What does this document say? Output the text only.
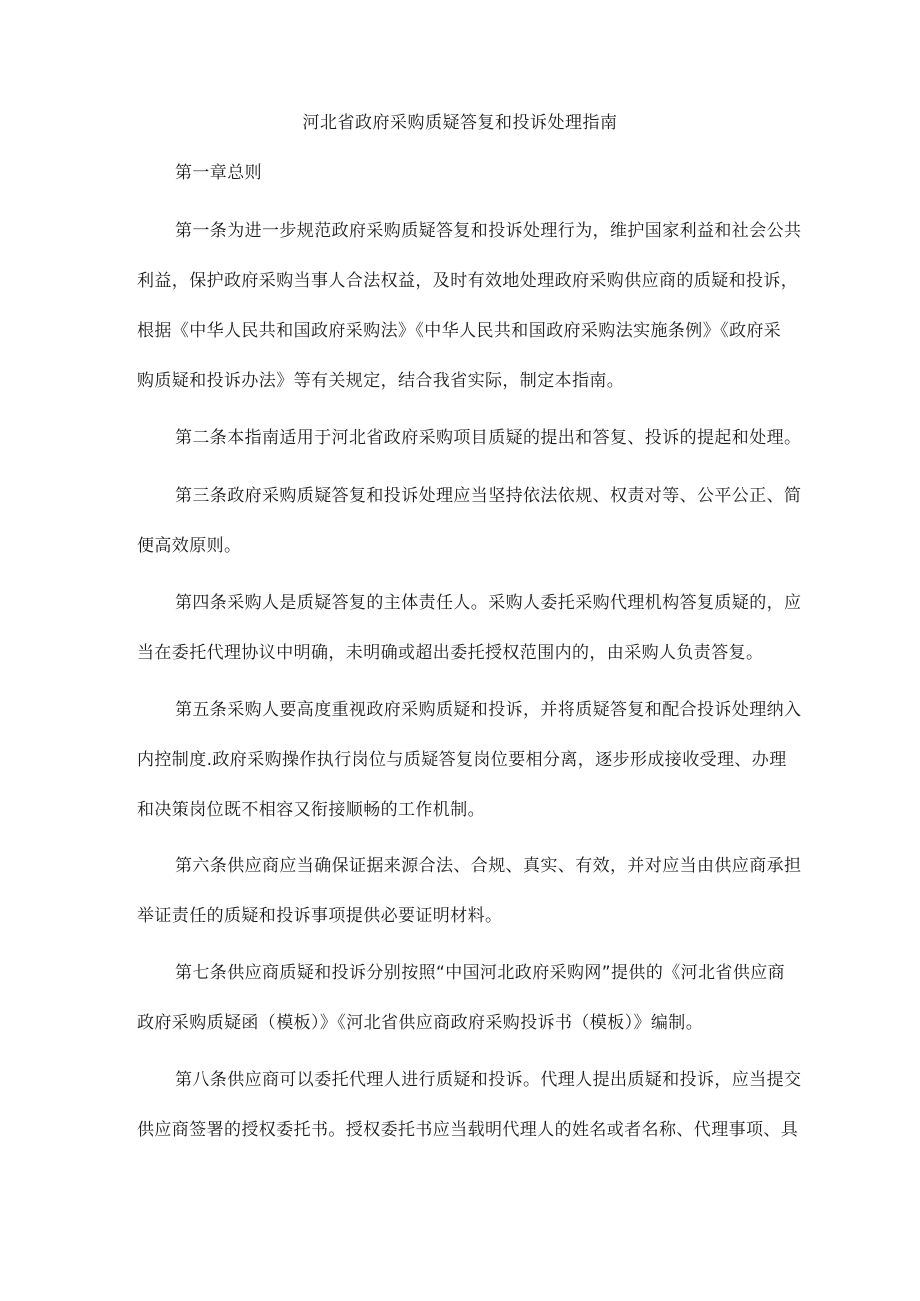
河北省政府采购质疑答复和投诉处理指南
第一章总则
第一条为进一步规范政府采购质疑答复和投诉处理行为，维护国家利益和社会公共
利益，保护政府采购当事人合法权益，及时有效地处理政府采购供应商的质疑和投诉，
根据《中华人民共和国政府采购法》《中华人民共和国政府采购法实施条例》《政府采
购质疑和投诉办法》等有关规定，结合我省实际，制定本指南。
第二条本指南适用于河北省政府采购项目质疑的提出和答复、投诉的提起和处理。
第三条政府采购质疑答复和投诉处理应当坚持依法依规、权责对等、公平公正、简
便高效原则。
第四条采购人是质疑答复的主体责任人。采购人委托采购代理机构答复质疑的，应
当在委托代理协议中明确，未明确或超出委托授权范围内的，由采购人负责答复。
第五条采购人要高度重视政府采购质疑和投诉，并将质疑答复和配合投诉处理纳入
内控制度.政府采购操作执行岗位与质疑答复岗位要相分离，逐步形成接收受理、办理
和决策岗位既不相容又衔接顺畅的工作机制。
第六条供应商应当确保证据来源合法、合规、真实、有效，并对应当由供应商承担
举证责任的质疑和投诉事项提供必要证明材料。
第七条供应商质疑和投诉分别按照“中国河北政府采购网”提供的《河北省供应商
政府采购质疑函（模板）》《河北省供应商政府采购投诉书（模板）》编制。
第八条供应商可以委托代理人进行质疑和投诉。代理人提出质疑和投诉，应当提交
供应商签署的授权委托书。授权委托书应当载明代理人的姓名或者名称、代理事项、具
